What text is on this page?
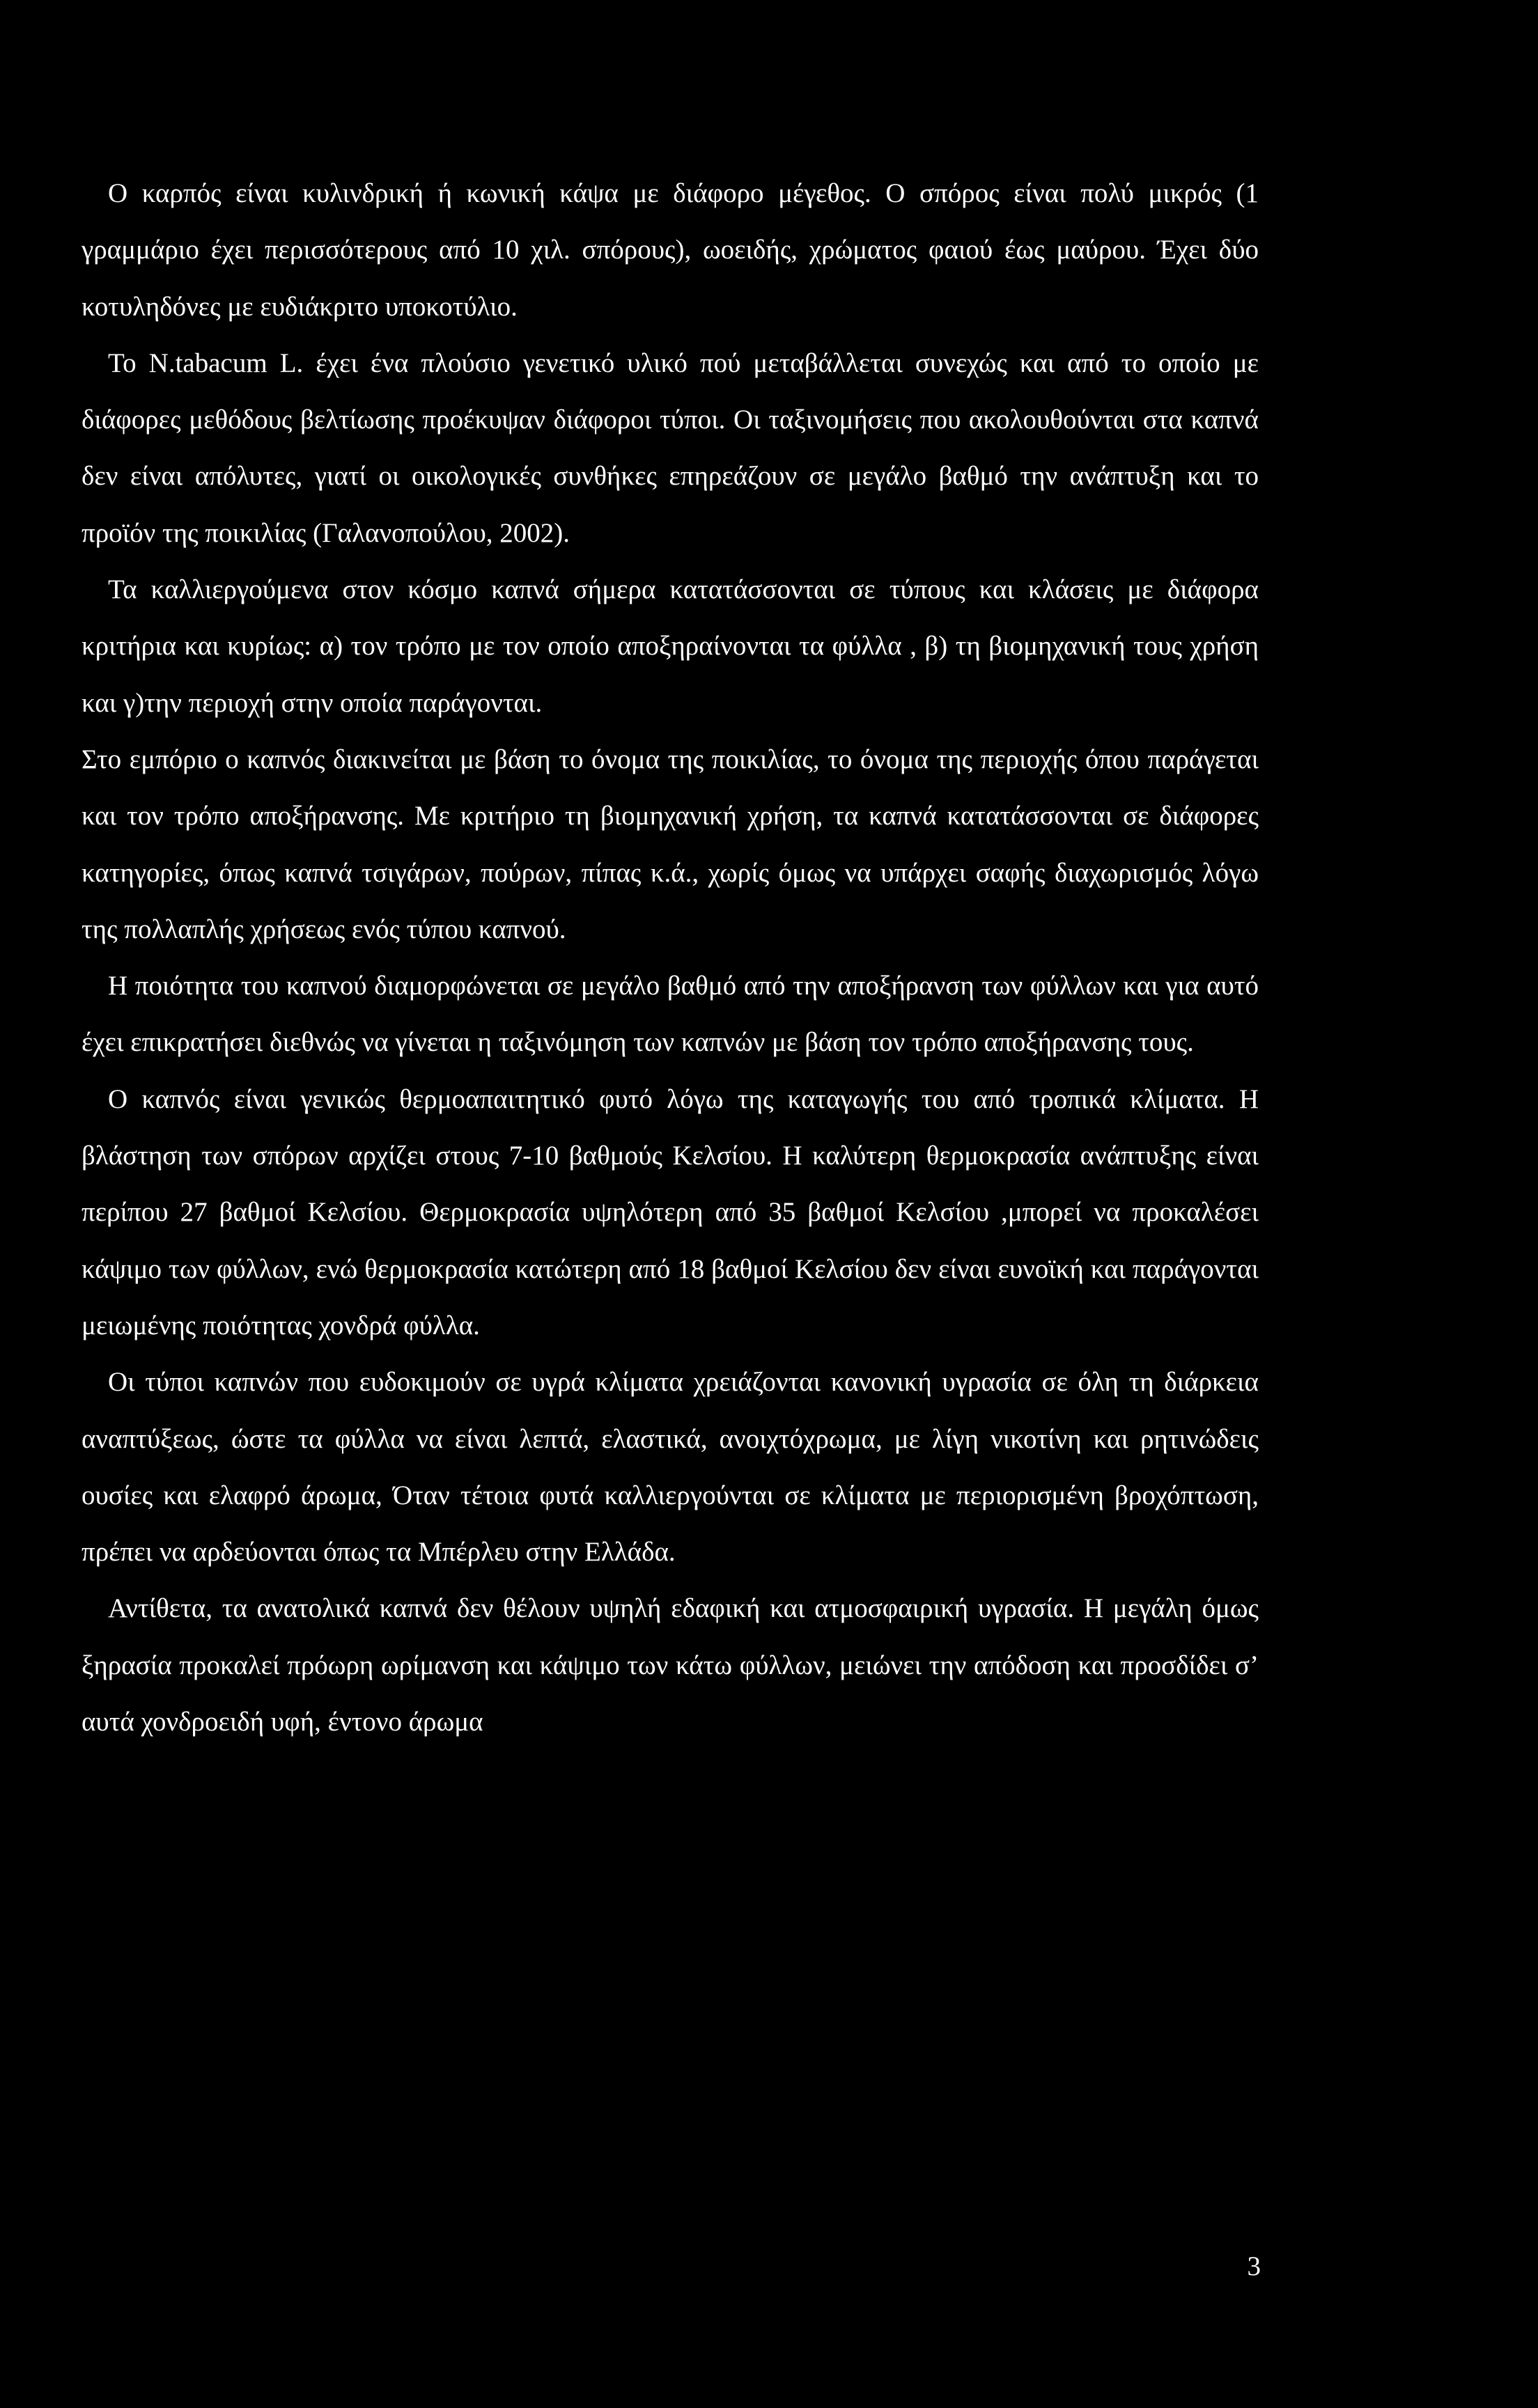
Ο καρπός είναι κυλινδρική ή κωνική κάψα με διάφορο μέγεθος. Ο σπόρος είναι πολύ μικρός (1 γραμμάριο έχει περισσότερους από 10 χιλ. σπόρους), ωοειδής, χρώματος φαιού έως μαύρου. Έχει δύο κοτυληδόνες με ευδιάκριτο υποκοτύλιο.

Το N.tabacum L. έχει ένα πλούσιο γενετικό υλικό πού μεταβάλλεται συνεχώς και από το οποίο με διάφορες μεθόδους βελτίωσης προέκυψαν διάφοροι τύποι. Οι ταξινομήσεις που ακολουθούνται στα καπνά δεν είναι απόλυτες, γιατί οι οικολογικές συνθήκες επηρεάζουν σε μεγάλο βαθμό την ανάπτυξη και το προϊόν της ποικιλίας (Γαλανοπούλου, 2002).

Τα καλλιεργούμενα στον κόσμο καπνά σήμερα κατατάσσονται σε τύπους και κλάσεις με διάφορα κριτήρια και κυρίως: α) τον τρόπο με τον οποίο αποξηραίνονται τα φύλλα , β) τη βιομηχανική τους χρήση και γ)την περιοχή στην οποία παράγονται.

Στο εμπόριο ο καπνός διακινείται με βάση το όνομα της ποικιλίας, το όνομα της περιοχής όπου παράγεται και τον τρόπο αποξήρανσης. Με κριτήριο τη βιομηχανική χρήση, τα καπνά κατατάσσονται σε διάφορες κατηγορίες, όπως καπνά τσιγάρων, πούρων, πίπας κ.ά., χωρίς όμως να υπάρχει σαφής διαχωρισμός λόγω της πολλαπλής χρήσεως ενός τύπου καπνού.

Η ποιότητα του καπνού διαμορφώνεται σε μεγάλο βαθμό από την αποξήρανση των φύλλων και για αυτό έχει επικρατήσει διεθνώς να γίνεται η ταξινόμηση των καπνών με βάση τον τρόπο αποξήρανσης τους.

Ο καπνός είναι γενικώς θερμοαπαιτητικό φυτό λόγω της καταγωγής του από τροπικά κλίματα. Η βλάστηση των σπόρων αρχίζει στους 7-10 βαθμούς Κελσίου. Η καλύτερη θερμοκρασία ανάπτυξης είναι περίπου 27 βαθμοί Κελσίου. Θερμοκρασία υψηλότερη από 35 βαθμοί Κελσίου ,μπορεί να προκαλέσει κάψιμο των φύλλων, ενώ θερμοκρασία κατώτερη από 18 βαθμοί Κελσίου δεν είναι ευνοϊκή και παράγονται μειωμένης ποιότητας χονδρά φύλλα.

Οι τύποι καπνών που ευδοκιμούν σε υγρά κλίματα χρειάζονται κανονική υγρασία σε όλη τη διάρκεια αναπτύξεως, ώστε τα φύλλα να είναι λεπτά, ελαστικά, ανοιχτόχρωμα, με λίγη νικοτίνη και ρητινώδεις ουσίες και ελαφρό άρωμα, Όταν τέτοια φυτά καλλιεργούνται σε κλίματα με περιορισμένη βροχόπτωση, πρέπει να αρδεύονται όπως τα Μπέρλευ στην Ελλάδα.

Αντίθετα, τα ανατολικά καπνά δεν θέλουν υψηλή εδαφική και ατμοσφαιρική υγρασία. Η μεγάλη όμως ξηρασία προκαλεί πρόωρη ωρίμανση και κάψιμο των κάτω φύλλων, μειώνει την απόδοση και προσδίδει σ’ αυτά χονδροειδή υφή, έντονο άρωμα

3
